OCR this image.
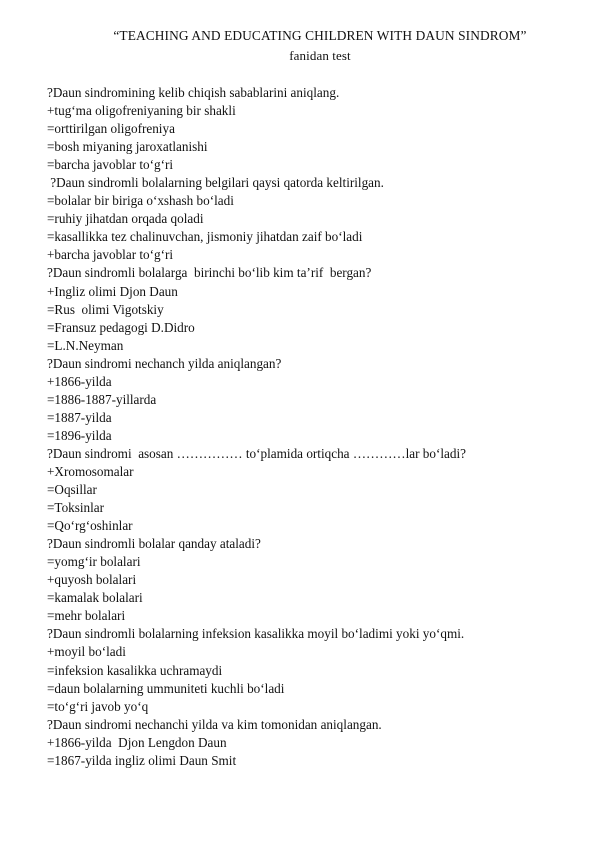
“TEACHING AND EDUCATING CHILDREN WITH DAUN SINDROM”
fanidan test
?Daun sindromining kelib chiqish sabablarini aniqlang.
+tug‘ma oligofreniyaning bir shakli
=orttirilgan oligofreniya
=bosh miyaning jaroxatlanishi
=barcha javoblar to‘g‘ri
?Daun sindromli bolalarning belgilari qaysi qatorda keltirilgan.
=bolalar bir biriga o‘xshash bo‘ladi
=ruhiy jihatdan orqada qoladi
=kasallikka tez chalinuvchan, jismoniy jihatdan zaif bo‘ladi
+barcha javoblar to‘g‘ri
?Daun sindromli bolalarga  birinchi bo‘lib kim ta’rif  bergan?
+Ingliz olimi Djon Daun
=Rus  olimi Vigotskiy
=Fransuz pedagogi D.Didro
=L.N.Neyman
?Daun sindromi nechanch yilda aniqlangan?
+1866-yilda
=1886-1887-yillarda
=1887-yilda
=1896-yilda
?Daun sindromi  asosan …………… to‘plamida ortiqcha …………lar bo‘ladi?
+Xromosomalar
=Oqsillar
=Toksinlar
=Qo‘rg‘oshinlar
?Daun sindromli bolalar qanday ataladi?
=yomg‘ir bolalari
+quyosh bolalari
=kamalak bolalari
=mehr bolalari
?Daun sindromli bolalarning infeksion kasalikka moyil bo‘ladimi yoki yo‘qmi.
+moyil bo‘ladi
=infeksion kasalikka uchramaydi
=daun bolalarning ummuniteti kuchli bo‘ladi
=to‘g‘ri javob yo‘q
?Daun sindromi nechanchi yilda va kim tomonidan aniqlangan.
+1866-yilda  Djon Lengdon Daun
=1867-yilda ingliz olimi Daun Smit
